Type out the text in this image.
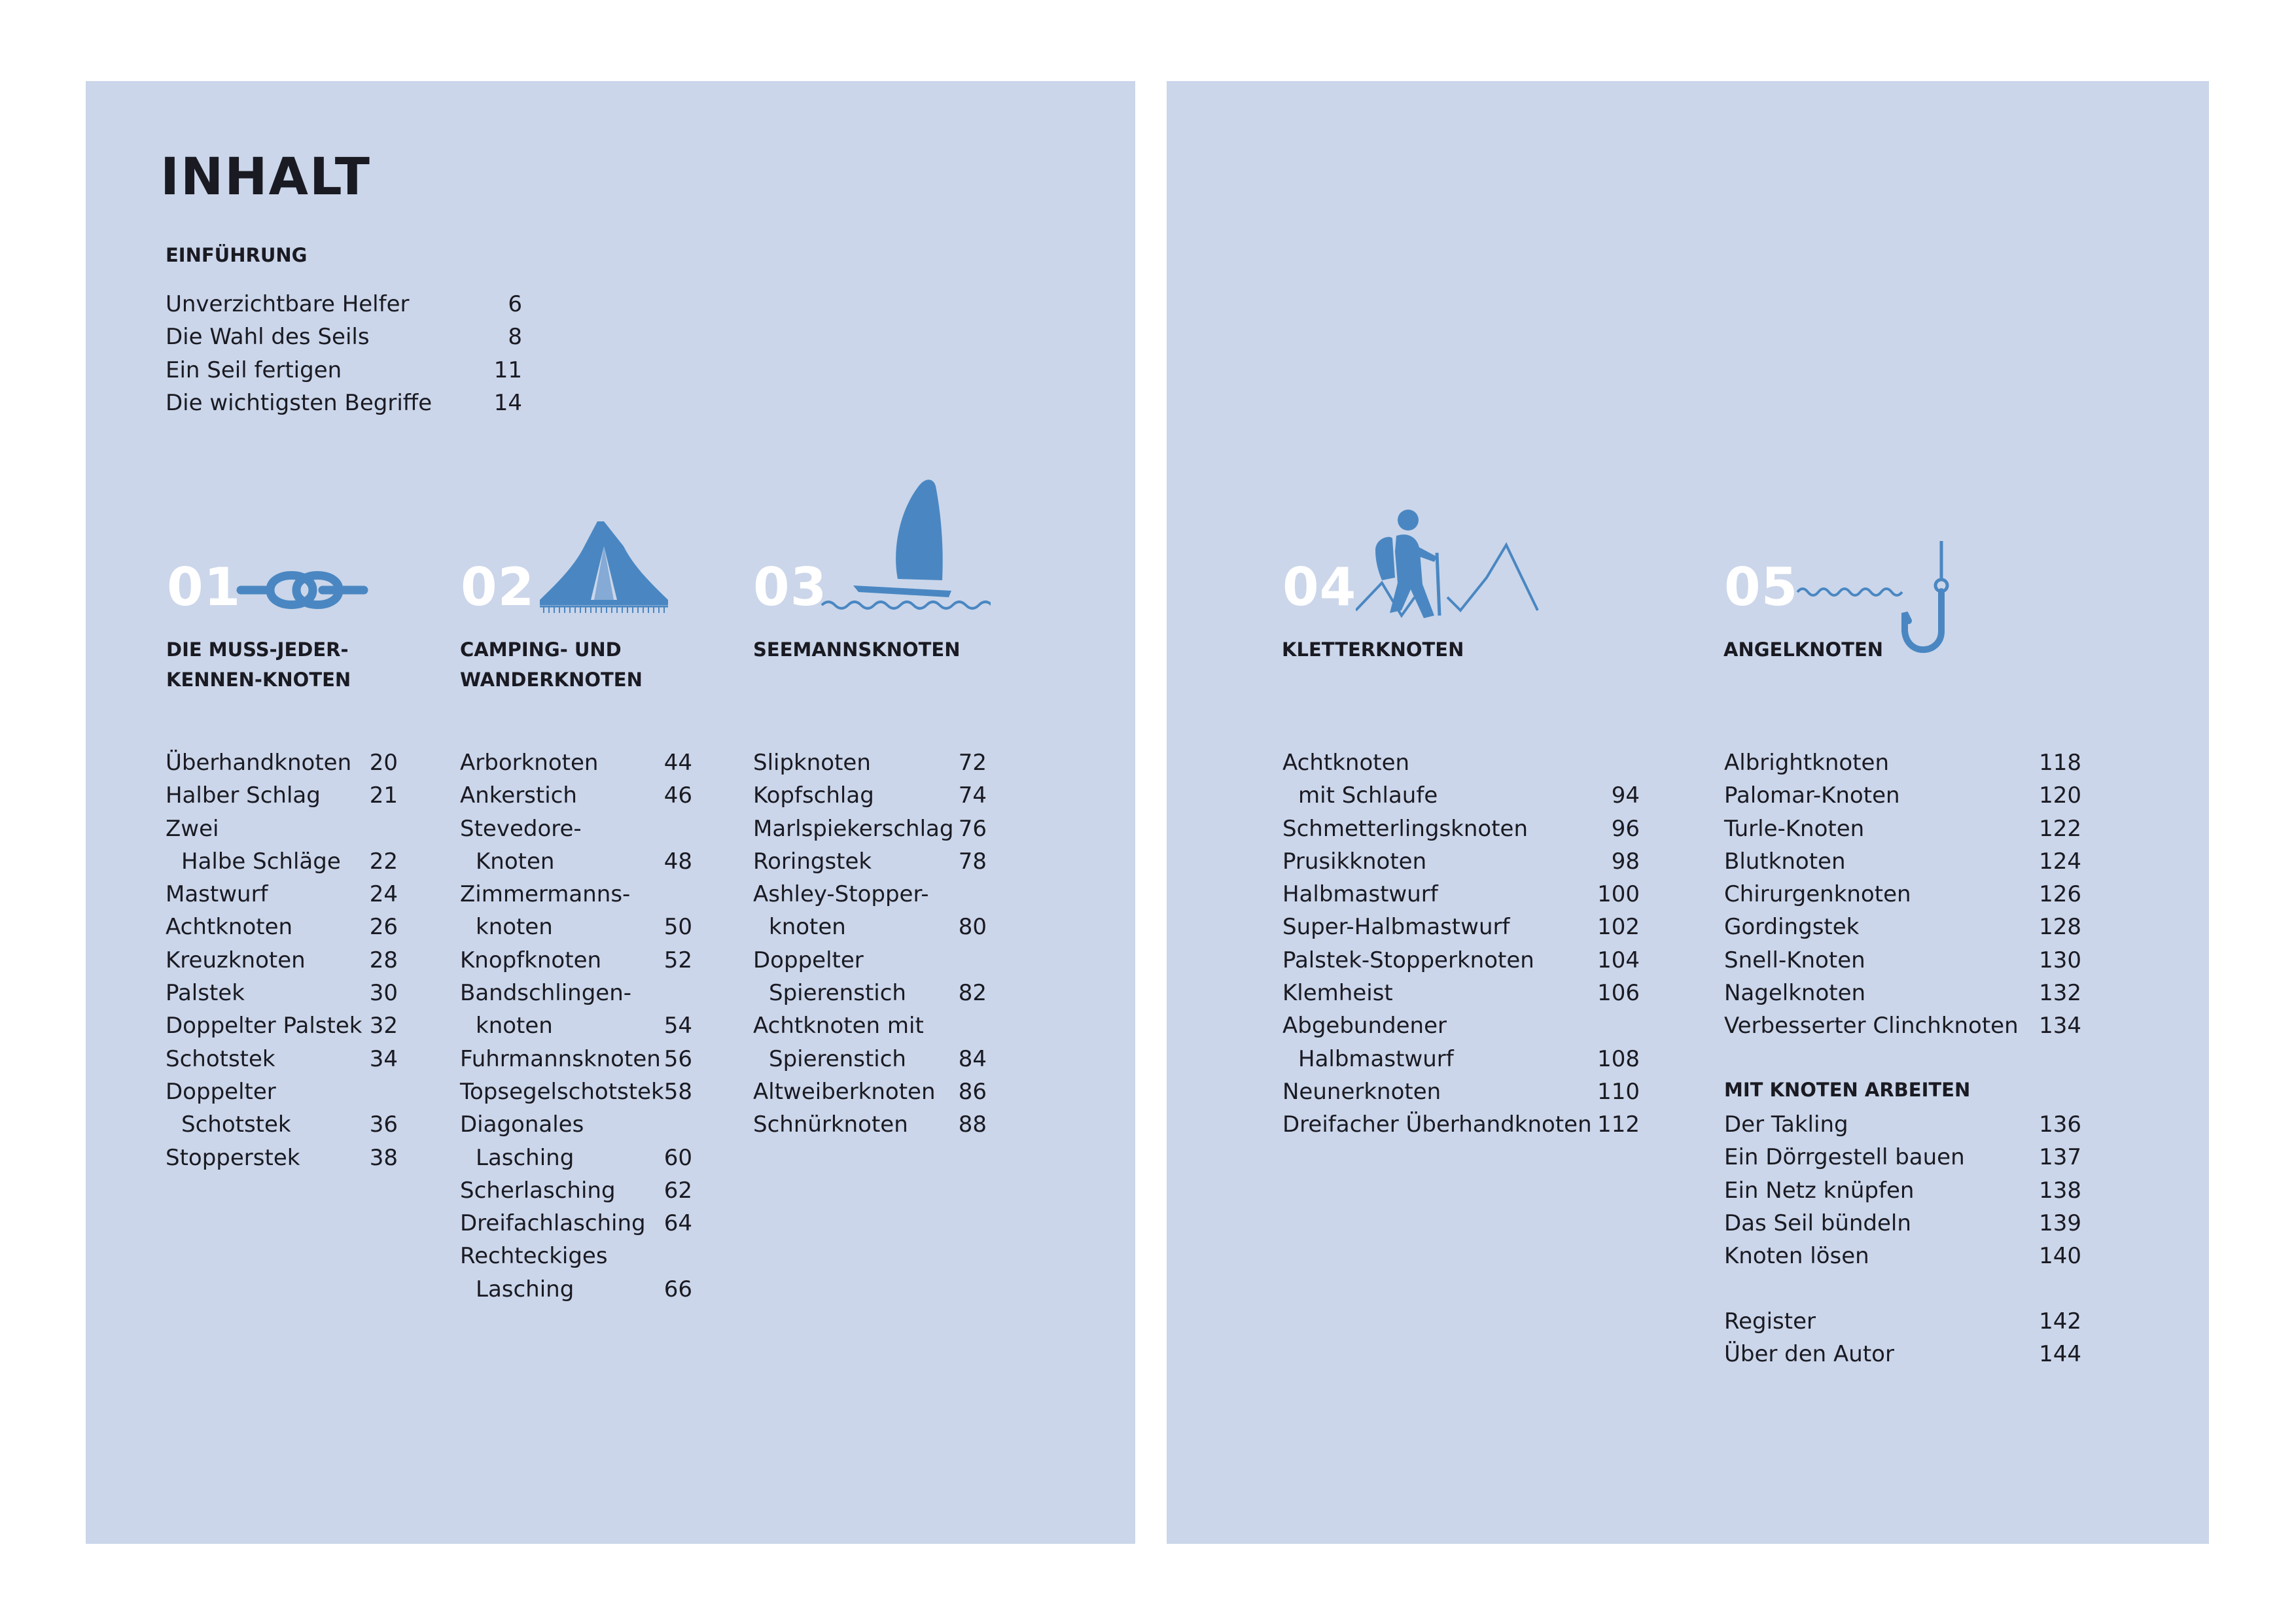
INHALT
EINFÜHRUNG
Unverzichtbare Helfer	6
Die Wahl des Seils	8
Ein Seil fertigen	11
Die wichtigsten Begriffe	14
01	02	03	04	05
DIE MUSS-JEDER-
KENNEN-KNOTEN
CAMPING- UND
WANDERKNOTEN
SEEMANNSKNOTEN	KLETTERKNOTEN	ANGELKNOTEN
Überhandknoten 20
Halber Schlag 21
Zwei
Halbe Schläge 22
Mastwurf	24
Achtknoten	26
Kreuzknoten	28
Palstek	30
Doppelter Palstek 32
Schotstek	34
Doppelter
Schotstek	36
Stopperstek	38
Arborknoten	44
Ankerstich	46
Stevedore-
Knoten	48
Zimmermanns-
knoten	50
Knopfknoten	52
Bandschlingen-
knoten	54
Fuhrmannsknoten 56
Topsegelschotstek 58
Diagonales
Lasching	60
Scherlasching 62
Dreifachlasching 64
Rechteckiges
Lasching	66
Slipknoten	72
Kopfschlag	74
Marlspiekerschlag 76
Roringstek	78
Ashley-Stopper-
knoten	80
Doppelter
Spierenstich 82
Achtknoten mit
Spierenstich 84
Altweiberknoten 86
Schnürknoten 88
Achtknoten
mit Schlaufe	94
Schmetterlingsknoten	96
Prusikknoten	98
Halbmastwurf	100
Super-Halbmastwurf	102
Palstek-Stopperknoten	104
Klemheist	106
Abgebundener
Halbmastwurf	108
Neunerknoten	110
Dreifacher Überhandknoten 112
Albrightknoten	118
Palomar-Knoten	120
Turle-Knoten	122
Blutknoten	124
Chirurgenknoten	126
Gordingstek	128
Snell-Knoten	130
Nagelknoten	132
Verbesserter Clinchknoten 134
MIT KNOTEN ARBEITEN
Der Takling	136
Ein Dörrgestell bauen	137
Ein Netz knüpfen	138
Das Seil bündeln	139
Knoten lösen	140
Register	142
Über den Autor	144
